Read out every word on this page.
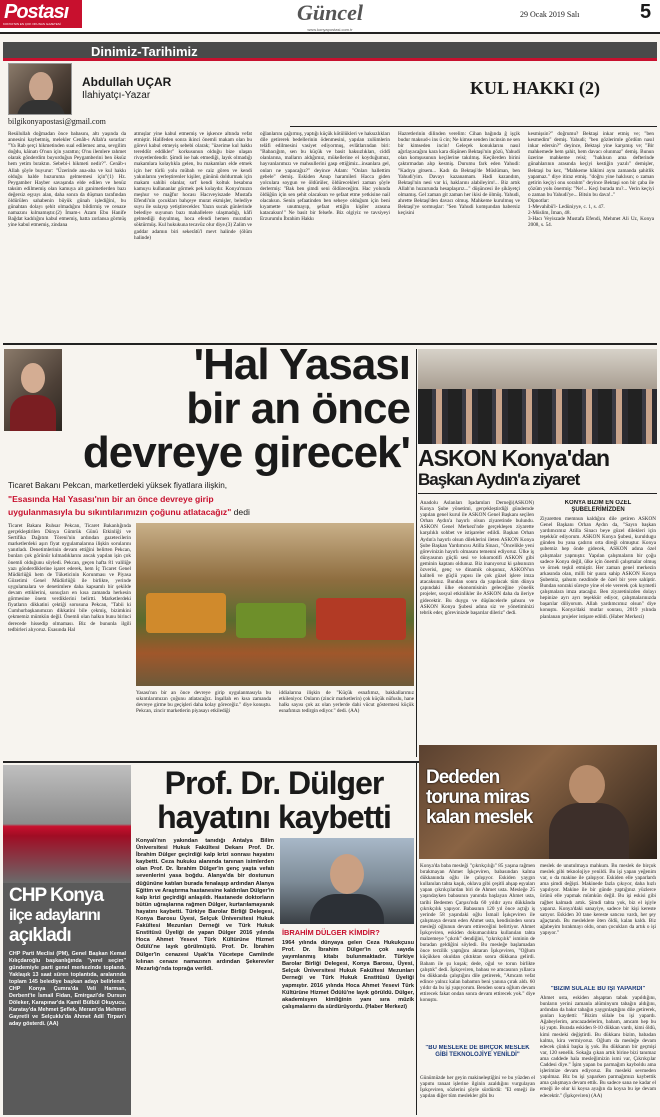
Postası
KONYA'NIN EN ÇOK OKUNAN GAZETESİ	Güncel
www.konyapostasi.com.tr
29 Ocak 2019 Salı	5
Dinimiz-Tarihimiz
Abdullah UÇAR
İlahiyatçı-Yazar
bilgikonyapostasi@gmail.com
KUL HAKKI (2)
Resûlullah doğmadan önce babasını, altı yaşında da annesini kaybetmiş, melekler Cenâb-ı Allah'a sorarlar: "Ya Rab şerçi hikmetinden sual edilemez ama, sevgilim doğdu, kâinatı O'nun için yarattın; O'nu ilemlere rahmet olarak gönderdim buyurduğun Peygamberini ben öksüz hem yetim bıraktın. Sebebi-i hikmeti nedir?". Cenâb-ı Allah şöyle buyurur: "Üzerinde ana-aba ve kul hakkı olduğu halde huzuruma gelmemesi için"(1) Hz. Peygamber Hayber savaşında elde edilen ve henüz taksim edilmemiş olan kamuya ait ganimetlerden bazı değersiz eşyayı alan, daha sonra da düşman tarafından öldürülen sahabenin büyük günah işlediğini, bu günahtan dolayı şehit olmadığını bildirmiş ve cenaze namazını kılmamıştır.(2) İmam-ı Azam Ebu Hanife Bağdat kadılığını kabul etmemiş, hatta zorlansa görmüş yine kabul etmemiş, zindana
atmışlar yine kabul etmemiş ve işkence altında vefat etmiştir. Halifeden sonra ikinci önemli makam olan bu görevi kabul etmeyiş sebebi olarak; "üzerime kul hakkı tereddüt eddikler" korkusunun olduğu bize ulaşan rivayetlerdendir. Şimdi ise hak etmediği, layık olmadığı makamlara kolaylıkla gelen, bu makamları elde etmek için her türlü yolu mübah ve caiz gören ve kendi yakınlarını yerleştirenler kişiler, gününü doldurmak için makam sahibi olanlar, sırf kendi koltuk hesabına kamuyu kullananlar görmek pek kolaydır. Konya'mızın meşhur ve mağfur hocası Hacıveyiszade Mustafa Efendi'nin çocukları bahçeye murat ekmişler, belediye suyu ile sulayıp yetiştirecekler. Yazın sucak günlerinde belediye suyunun bazı mahallelere ulaşmadığı, kâfi gelmediği duyulmuş, hoca efendi hemen muratları söktürmüş. Kul hukukuna tecavüz olur diye.(3) Zalim ve gaddar adamın biri sekerâtü'l mevt halinde (ölüm halinde)
oğlanlarını çağırmış, yaptığı küçük kötülükleri ve haksızlıkları dile getirerek bedellerinin ödenmesini, yapılan zulümlerin telâfi edilmesini vasiyet ediyormuş, evlâtlarından biri: "Babacığım, sen bu küçük ve basit haksızlıkları, ciddî olanlarına, malların aldığımız, mükellerine el koyduğumuz, hayvanlarımızı ve mahsullerini gasp ettiğimiz...insanlara gel, onları ne yapacağız?" deyince Adam: "Onları hallettim gebele" demiş. Eskiden Anup haramileri Hacca giden yolculara soygun ve öldürüler, öldürecekleri zaman şöyle derlermiş: "Bak ben şimdi seni öldüreceğim. Hac yolunda öldüğün için sen şehit olacaksın ve şefaat etme yetkisine nail olacaksın. Senin şefaatinden ben seheye olduğum için beni kıyamette unutmayıp, şefaat ettiğin kişiler arasına katacaksın!" Ne basit bir felsefe. Biz olgiyiz ve tavsiyeyi Erzurumlu İbrahim Hakkı
Hazretlerinin dilinden verelim: Cihan bağında ğ işçik budur maksud-ı ins ü cin; Ne kimse senden incinsin ne sen bir kimseden incin! Geleçek konuklarını nasıl ağırlayacağını kara kara düşünen Bektaşi'nin gözü, Yahudi olan komşusunun keçilerine takılmış. Keçilerden birini çaktırmadan alıp kesmiş. Durumu fark eden Yahudi: "Kadıya gitsem... Kadı da Bektaşi'de Müslüman, ben Yahudi'yim. Davayı kazanamam. Hadi kazandım, Bektaşi'nin nesi var ki, haklarını alabileyim!... Biz artık Allah'ın huzurunda hesaplaşırız..." düşüncesi ile şikâyetçi olmamış. Gel zaman git zaman her ikisi de ölmüş. Yahudi, ahrette Bektaşi'den davacı olmuş. Mahkeme kurulmuş ve Bektaşi'ye sormuşlar: "Sen Yahudi komşundan habersiz keçisini
kesmişsin?" doğrumu? Bektaşi inkar etmiş ve; "ben kesmedim" demiş. Yahudi; "ben gözlerimle gördüm nasıl inkar edersin?" deyince, Bektaşi yine karşımış ve; "Bir mahkemede hem şahit, hem davacı olunmaz" demiş. Bunun üzerine mahkeme reisi; "haklısın ama defterinde günahlarının arasında keçiyi kestiğin yazılı" demişler, Bektaşi bu kez, "Mahkeme hâkimi aynı zamanda şahitlik yapamaz." diye itiraz etmiş. "doğru yine haklısın; o zaman getirin keçiyi onu soralım" deyince Bektaşi son bir çaba ile çözüm yolu önermiş: "Ne!... Keçi burada mı?... Verin keçiyi o zaman bu Yahudi'ye... Bitsin bu dava!.."
Dipnotlar:
1-Mevahibü'l- Ledüniyye, c. 1, s. 47.
2-Müslim, İman, 48.
3-Hacı Veyiszade Mustafa Efendi, Mehmet Ali Uz, Konya 2008, s. 54.
'Hal Yasası
bir an önce
devreye girecek'
Ticaret Bakanı Pekcan, marketlerdeki yüksek fiyatlara ilişkin,
"Esasında Hal Yasası'nın bir an önce devreye girip
uygulanmasıyla bu sıkıntılarımızın çoğunu atlatacağız" dedi
Ticaret Bakanı Ruhsar Pekcan, Ticaret Bakanlığında gerçekleştirilen Dünya Gümrük Günü Etkinliği ve Sertifika Dağıtım Töreni'nin ardından gazetecilerin marketlerdeki aşırı fiyat uygulamalarına ilişkin sorularını yanıtladı. Denetimlerinin devam ettiğini belirten Pekcan, bunları çok görünür kılmadıklarını ancak yapılan işin çok önemli olduğunu söyledi. Pekcan, geçen hafta 81 valiliğe yazı gönderdiklerine işaret ederek, hem İç Ticaret Genel Müdürlüğü hem de Tüketicinin Korunması ve Piyasa Gözetimi Genel Müdürlüğü ile birlikte, yerinde uygulamalara ve denetimlere daha kapsamlı bir şekilde devam ettiklerini, sonuçları en kısa zamanda herkesin görmesine önem verdiklerini belirtti. Marketlerdeki fiyatların dikkatini çektiği sorusuna Pekcan, "Tabii ki Cumhurbaşkanımızın dikkatini bile çekmiş, bizimkini çekmemiz mümkün değil. Önemli olan halkın bunu birinci derecede hissedip olmaması. Biz de bununla ilgili tedbirleri alıyoruz. Esasında Hal
Yasası'nın bir an önce devreye girip uygulanmasıyla bu sıkıntılarımızın çoğunu atlatacağız. İnşallah en kısa zamanda devreye girme bu geçişleri daha kolay göreceğiz." diye konuştu. Pekcan, zincir marketlerin piyasayı etkilediği
iddialarına ilişkin de "Küçük esnafımız, bakkallarımız etkileniyor. Onların (zincir marketlerin) çok küçük nüfuslu, hane halkı sayısı çok az olan yerlerde dahi vücut göstermesi küçük esnafımızı tedirgin ediyor." dedi. (AA)
ASKON Konya'dan
Başkan Aydın'a ziyaret
Anadolu Aslanları İşadamları Derneği(ASKON) Konya Şube yönetimi, gerçekleştirdiği gündemde yapılan genel kurul ile ASKON Genel Başkanı seçilen Orhan Aydın'a hayırlı olsun ziyaretinde bulundu. ASKON Genel Merkezi'nde gerçekleşen ziyarette karşılıklı sohbet ve istişareler edildi. Başkan Orhan Aydın'a hayırlı olsun dileklerini ileten ASKON Konya Şube Başkan Yardımcısı Atilla Sinacı, "Öncelikle yeni görevinizin hayırlı olmasını temenni ediyoruz. Ülke iş dünyasının güçlü sesi ve lokomotifi ASKON gibi geminin kaptanı oldunuz. Biz inanıyoruz ki şahsınızın özverisi, genç ve dinamik oluşunuz, ASKON'un kaliteli ve güçlü yapısı ile çok güzel işlere imza atacaksınız. Bundan sonra da yapılacak tüm dünya çapındaki ülke ekonomisinin geleceğine yönelik projeler, sosyal etkinlikler ile ASKON daha da ileriye gidecektir. Bu duygu ve düşüncelerle şahsını ve ASKON Konya Şubesi adına siz ve yönetiminizi tebrik eder, görevinizde başarılar dileriz" dedi.
KONYA BİZİM EN ÖZEL ŞUBELERİMİZDEN
Ziyaretten memnun kaldığını dile getiren ASKON Genel Başkanı Orhan Aydın da, "Sayın başkan yardımcımız Atilla Sinacı beye güzel dilekleri için teşekkür ediyorum. ASKON Konya Şubesi, kuruldugu günden bu yana çadırın orta direği olmuştur. Konya şubemiz hep önde gidecek, ASKON adına özel çalışmalar yapmıştır. Yapılan çalışmaların bir çoğu sadece Konya değil, ülke için önemli çalışmalar olmuş ve örnek teşkil etmiştir. Her zaman genel merkezin arkasında olan, milli bir şuura sahip ASKON Konya Şubemiz, şahsım nezdinde de özel bir yere sahiptir. Bundan sonraki süreçte yine el ele vererek çok kıymetli çalışmalara imza atacağız. Ben ziyaretinizden dolayı hepinize ayrı ayrı teşekkür ediyor, çalışmalarınızda başarılar diliyorum. Allah yardımcımız olsun" diye konuştu. Konya'daki mutlar sonrası, 2019 yılında planlanan projeler istişare edildi. (Haber Merkezi)
Dededen
toruna miras
kalan meslek
Konya'da baba mesleği "çıkrıkçılığı" 85 yaşına rağmen bırakmayan Ahmet İşkçeviren, babasından kalma dükkanında oğlu ile çalışıyor. Eskiden yaygın kullanılan tahta kaşık, oklava gibi çeşitli ahşap eşyaları yapan çıkrıkçılardan biri de Ahmet usta. Mesleğe 25 yaşındayken babasının yanında başlayan Ahmet usta, tarihi Bedesten Çarşısı'nda 60 yıldır aynı dükkânda çıkrıkçılık yapıyor. Babasının 120 yıl önce açtığı iş yerinde 58 yaşındaki oğlu İsmail İşıkçeviren ile çalışmaya devam eden Ahmet usta, kendisinden sonra mesleği oğlunun devam ettireceğini belirtiyor. Ahmet İşıkçeviren, eskiden dokumacılıkta kullanılan tahta malzemeye "çıkrık" dendiğini, "çıkrıkçılık" isminin de buradan geldiğini söyledi. Bu mesleğe başlamadan önce terzilik yaptığını aktaran İşıkçeviren, "Oğlum küçükken okuldan çıktıktan sonra dükkana gelirdi. Babam ile şu kuşak; dede, oğul ve torun birlikte çalıştık" dedi. İşıkçeviren, babası ve amcasının yıllarca bu dükkanda çalıştığını dile getirerek, "Amcam vefat edince yalnız kalan babamın beni yanına çırak aldı. 60 yıldır da bu işi yapıyorum. Benden sonra oğlum devam ettirecek fakat ondan sonra devam ettirecek yok." diye konuştu.
"BU MESLEKE DE BİRÇOK MESLEK GİBİ TEKNOLOJİYE YENİLDİ"
Günümüzde her geyin makineleştiğini ve bu yüzden el yapımı ranaat işlerine ilginin azaldığını vurgulayan İşıkçeviren, sözlerini şöyle sürdürdü: "El emeği ile yapılan diğer tüm meslekler gibi bu
meslek de unutulmaya mahkum. Bu meslek de birçok meslek gibi teknolojiye yenildi. Bu işi yapan yeğenim var, o da makine ile çalışıyor. Eskiden elle yaparlardı ama şimdi değişti. Makinede fazla çıkıyor, daha hızlı yapılıyor. Makine ile bir günde yaptığınız yüzlerce ürünü elle yapmak mümkün değil. Bu işi eskisi gibi rağbet kalmadı artık. Şimdi tahta yok, biz el işiyle yaparız. Konya'daki sanayiye, sadece bir kişi kereste satıyor. Eskiden 30 tane kereste satıcısı vardı, her şey ağaçtandı. Bu mesleklere öten öldü, kalan kaldı. Biz ağabeyim bırakmayı oldu, onun çocukları da artık o işi yapıyor."
"BİZİM SÜLALE BU İŞİ YAPARDI"
Ahmet usta, eskiden ahşaptan tabak yapıldığını, bunların yerini zamanla alüminyum tabağın aldığını, ardından da bakır tabağın yaygınlaştığını dile getirerek, şunları kaydetti: "Bizim sülale bu işi yapardı. Ağabeylerim, amcazadelerim, babam, amcam hep bu işi yaptı. Burada eskiden 8-10 dükkan vardı, kimi öldü, kimi mesleki değiştirdi. Bu dükkanı bizim, babadan kalma, kira vermiyoruz. Oğlum da mesleğe devam edecek çünkü başka iş yok. Bu dükkanın bir geçmişi var, 120 senelik. Sokağa çıkan artık birine bizi tanımaz ama caddede hala mesleğimizin ismi var, Çıkrıkçılar Caddesi diye." İşim yapan bu parmağım kayboldu ama işlerimize devam ediyoruz. Bu mesleki sevmeden yapılmaz. Biz bu işi yaparken parmağımızı kaybettik ama çalışmaya devam ettik. Bu sadece sana ne kadar el emeği ile olur ki koysa ayağın da koysa bu işe devam edecektir." (İşıkçeviren) (AA)
CHP Konya
ilçe adaylarını
açıkladı
CHP Parti Meclisi (PM), Genel Başkan Kemal Kılıçdaroğlu başkanlığında "yerel seçim" gündemiyle parti genel merkezinde toplandı. Yaklaşık 13 saat süren toplantıda, aralarında toplam 145 belediye başkan adayı belirlendi. CHP Konya Çumra'da Veli Harman, Derbent'te İsmail Fidan, Emirgazi'de Dursun Döleker, Karapınar'da Kamil Bülbül Okuyucu, Karatay'da Mehmet Şeflek, Meram'da Mehmet Gayretli ve Selçuklu'da Ahmet Adil Tirpan'ı aday gösterdi. (AA)
Prof. Dr. Dülger
hayatını kaybetti
Konyalı'nın yakından tanıdığı Antalya Bilim Üniversitesi Hukuk Fakültesi Dekanı Prof. Dr. İbrahim Dülger geçirdiği kalp krizi sonrası hayatını kaybetti. Ceza hukuku alanında tanınan isimlerden olan Prof. Dr. İbrahim Dülger'in genç yaşta vefatı sevenlerini yasa boğdu. Alanya'da bir dostunun düğününe katılan burada fenalaşıp ardından Alanya Eğitim ve Araştırma hastanesine kaldırılan Dülger'in kalp krizi geçirdiği anlaşıldı. Hastanede doktorların bütün uğraşlarına rağmen Dülger, kurtarılamayarak hayatını kaybetti. Türkiye Barolar Birliği Delegesi, Konya Barosu Üyesi, Selçuk Üniversitesi Hukuk Fakültesi Mezunları Derneği ve Türk Hukuk Enstitüsü Üyeliği de yapan Dülger 2016 yılında Hoca Ahmet Yesevi Türk Kültürüne Hizmet Ödülü'ne layık görülmüştü. Prof. Dr. İbrahim Dülger'in cenazesi Uşak'ta Yücetepe Camiinde kılınan cenaze namazının ardından Şekerevler Mezarlığı'nda toprağa verildi.
İBRAHİM DÜLGER KİMDİR?
1964 yılında dünyaya gelen Ceza Hukukçusu Prof. Dr. İbrahim Dülger'in çok sayıda yayımlanmış kitabı bulunmaktadır. Türkiye Barolar Birliği Delegesi, Konya Barosu, Üyesi, Selçuk Üniversitesi Hukuk Fakültesi Mezunları Derneği ve Türk Hukuk Enstitüsü Üyeliği yapmıştır. 2016 yılında Hoca Ahmet Yesevi Türk Kültürüne Hizmet Ödülü'ne layık görüldü. Dülger, akademisyen kimliğinin yanı sıra müzik çalışmalarını da sürdürüyordu. (Haber Merkezi)
